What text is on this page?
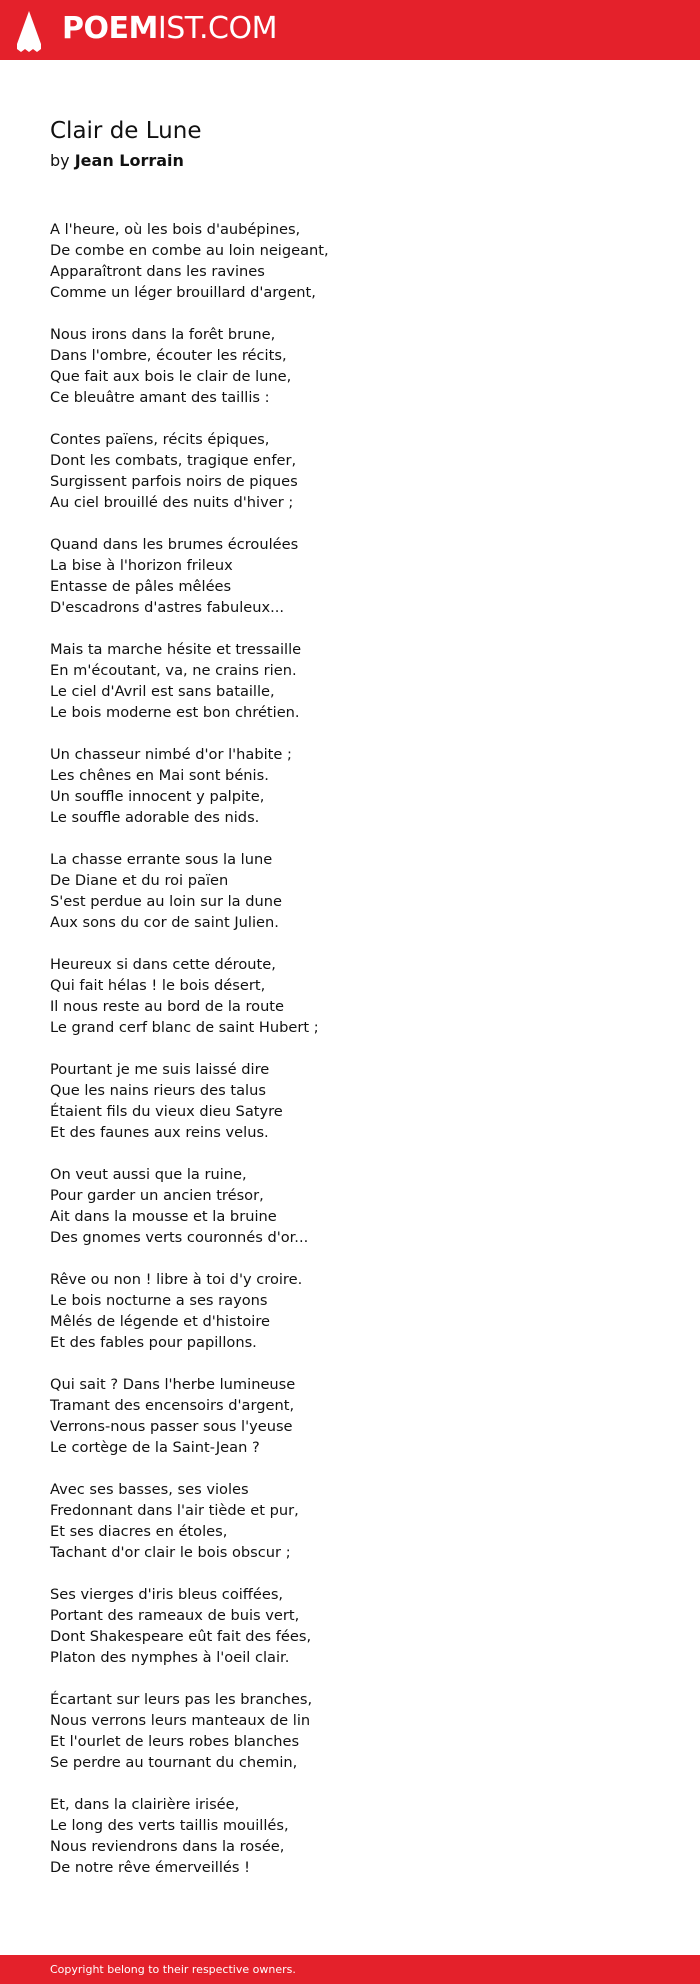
POEMIST.COM
Clair de Lune
by Jean Lorrain

A l'heure, où les bois d'aubépines,
De combe en combe au loin neigeant,
Apparaîtront dans les ravines
Comme un léger brouillard d'argent,

Nous irons dans la forêt brune,
Dans l'ombre, écouter les récits,
Que fait aux bois le clair de lune,
Ce bleuâtre amant des taillis :

Contes païens, récits épiques,
Dont les combats, tragique enfer,
Surgissent parfois noirs de piques
Au ciel brouillé des nuits d'hiver ;

Quand dans les brumes écroulées
La bise à l'horizon frileux
Entasse de pâles mêlées
D'escadrons d'astres fabuleux...

Mais ta marche hésite et tressaille
En m'écoutant, va, ne crains rien.
Le ciel d'Avril est sans bataille,
Le bois moderne est bon chrétien.

Un chasseur nimbé d'or l'habite ;
Les chênes en Mai sont bénis.
Un souffle innocent y palpite,
Le souffle adorable des nids.

La chasse errante sous la lune
De Diane et du roi païen
S'est perdue au loin sur la dune
Aux sons du cor de saint Julien.

Heureux si dans cette déroute,
Qui fait hélas ! le bois désert,
Il nous reste au bord de la route
Le grand cerf blanc de saint Hubert ;

Pourtant je me suis laissé dire
Que les nains rieurs des talus
Étaient fils du vieux dieu Satyre
Et des faunes aux reins velus.

On veut aussi que la ruine,
Pour garder un ancien trésor,
Ait dans la mousse et la bruine
Des gnomes verts couronnés d'or...

Rêve ou non ! libre à toi d'y croire.
Le bois nocturne a ses rayons
Mêlés de légende et d'histoire
Et des fables pour papillons.

Qui sait ? Dans l'herbe lumineuse
Tramant des encensoirs d'argent,
Verrons-nous passer sous l'yeuse
Le cortège de la Saint-Jean ?

Avec ses basses, ses violes
Fredonnant dans l'air tiède et pur,
Et ses diacres en étoles,
Tachant d'or clair le bois obscur ;

Ses vierges d'iris bleus coiffées,
Portant des rameaux de buis vert,
Dont Shakespeare eût fait des fées,
Platon des nymphes à l'oeil clair.

Écartant sur leurs pas les branches,
Nous verrons leurs manteaux de lin
Et l'ourlet de leurs robes blanches
Se perdre au tournant du chemin,

Et, dans la clairière irisée,
Le long des verts taillis mouillés,
Nous reviendrons dans la rosée,
De notre rêve émerveillés !

Copyright belong to their respective owners.
